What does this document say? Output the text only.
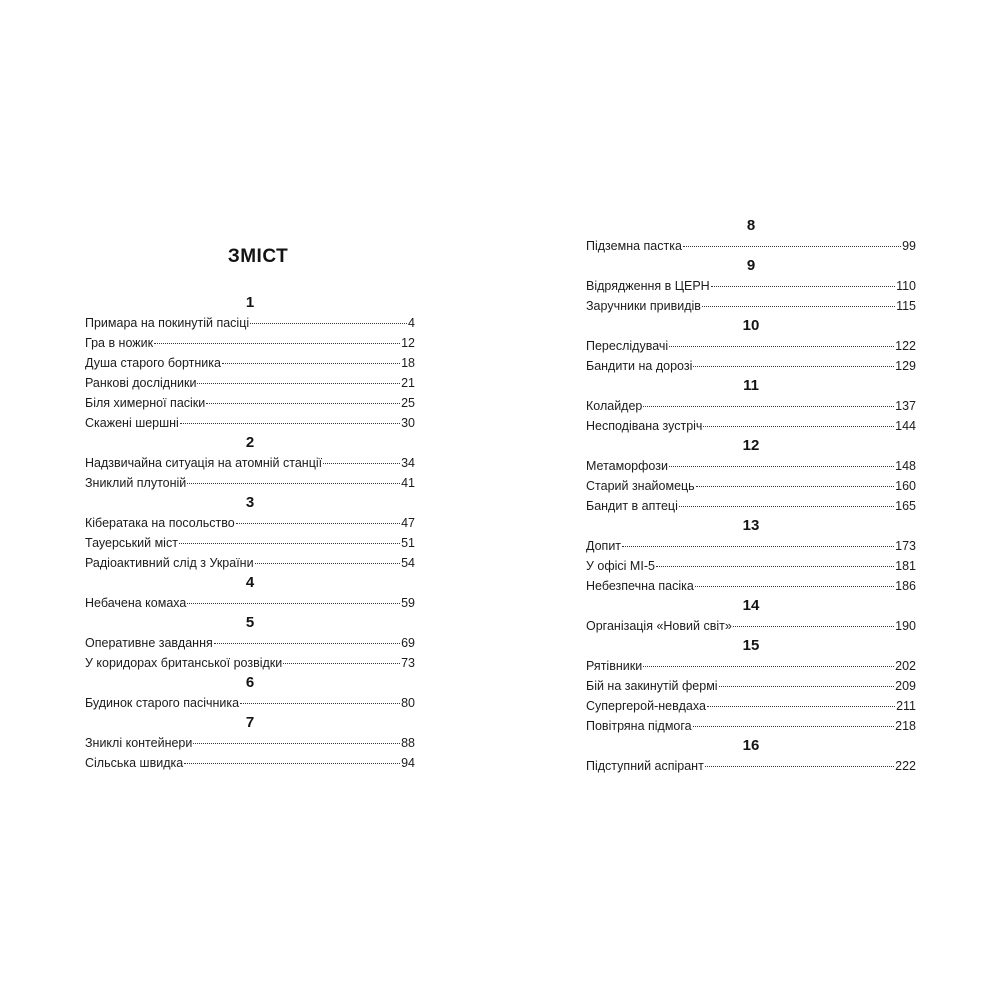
ЗМІСТ
1
Примара на покинутій пасіці	4
Гра в ножик	12
Душа старого бортника	18
Ранкові дослідники	21
Біля химерної пасіки	25
Скажені шершні	30
2
Надзвичайна ситуація на атомній станції	34
Зниклий плутоній	41
3
Кібератака на посольство	47
Тауерський міст	51
Радіоактивний слід з України	54
4
Небачена комаха	59
5
Оперативне завдання	69
У коридорах британської розвідки	73
6
Будинок старого пасічника	80
7
Зниклі контейнери	88
Сільська швидка	94
8
Підземна пастка	99
9
Відрядження в ЦЕРН	110
Заручники привидів	115
10
Переслідувачі	122
Бандити на дорозі	129
11
Колайдер	137
Несподівана зустріч	144
12
Метаморфози	148
Старий знайомець	160
Бандит в аптеці	165
13
Допит	173
У офісі МІ-5	181
Небезпечна пасіка	186
14
Організація «Новий світ»	190
15
Рятівники	202
Бій на закинутій фермі	209
Супергерой-невдаха	211
Повітряна підмога	218
16
Підступний аспірант	222
